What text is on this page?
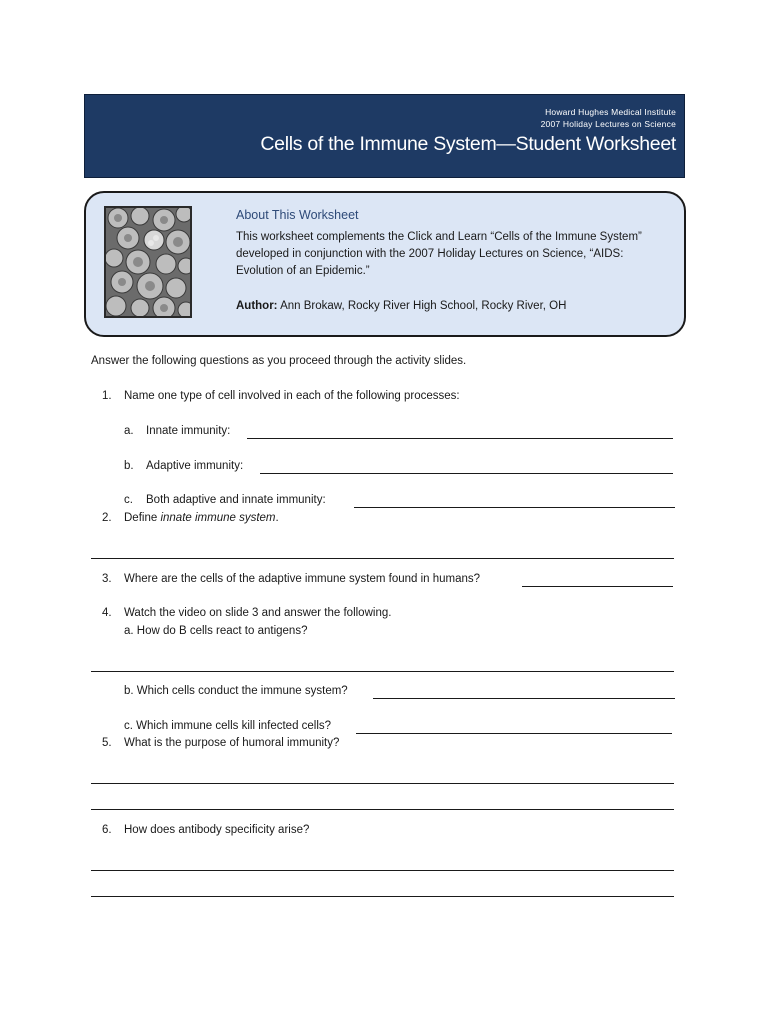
Howard Hughes Medical Institute
2007 Holiday Lectures on Science
Cells of the Immune System—Student Worksheet
About This Worksheet

This worksheet complements the Click and Learn “Cells of the Immune System” developed in conjunction with the 2007 Holiday Lectures on Science, “AIDS: Evolution of an Epidemic.”

Author: Ann Brokaw, Rocky River High School, Rocky River, OH

Answer the following questions as you proceed through the activity slides.

1. Name one type of cell involved in each of the following processes:
a. Innate immunity:
b. Adaptive immunity:
c. Both adaptive and innate immunity:
2. Define innate immune system.
3. Where are the cells of the adaptive immune system found in humans?
4. Watch the video on slide 3 and answer the following.
a. How do B cells react to antigens?
b. Which cells conduct the immune system?
c. Which immune cells kill infected cells?
5. What is the purpose of humoral immunity?
6. How does antibody specificity arise?
